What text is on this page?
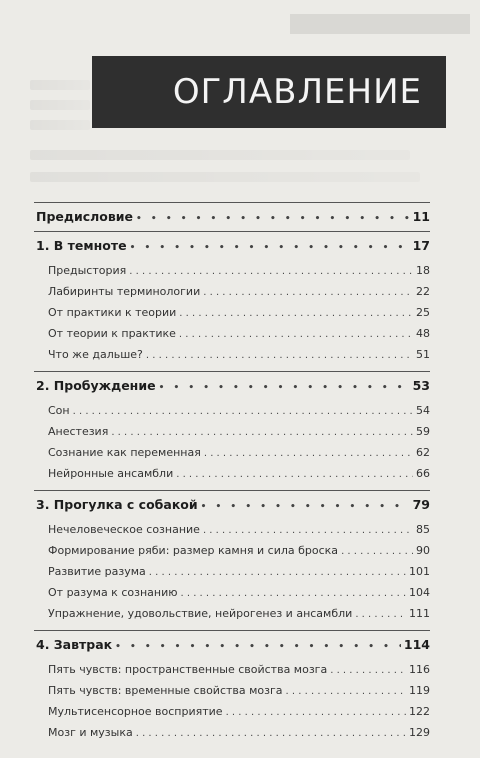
ОГЛАВЛЕНИЕ
Предисловие • • •	11
1. В темноте • • •	17
Предыстория . . .	18
Лабиринты терминологии . . .	22
От практики к теории . . .	25
От теории к практике . . .	48
Что же дальше? . . .	51
2. Пробуждение • • •	53
Сон . . .	54
Анестезия . . .	59
Сознание как переменная . . .	62
Нейронные ансамбли . . .	66
3. Прогулка с собакой • • •	79
Нечеловеческое сознание . . .	85
Формирование ряби: размер камня и сила броска . . .	90
Развитие разума . . .	101
От разума к сознанию . . .	104
Упражнение, удовольствие, нейрогенез и ансамбли . . .	111
4. Завтрак • • •	114
Пять чувств: пространственные свойства мозга . . .	116
Пять чувств: временные свойства мозга . . .	119
Мультисенсорное восприятие . . .	122
Мозг и музыка . . .	129
